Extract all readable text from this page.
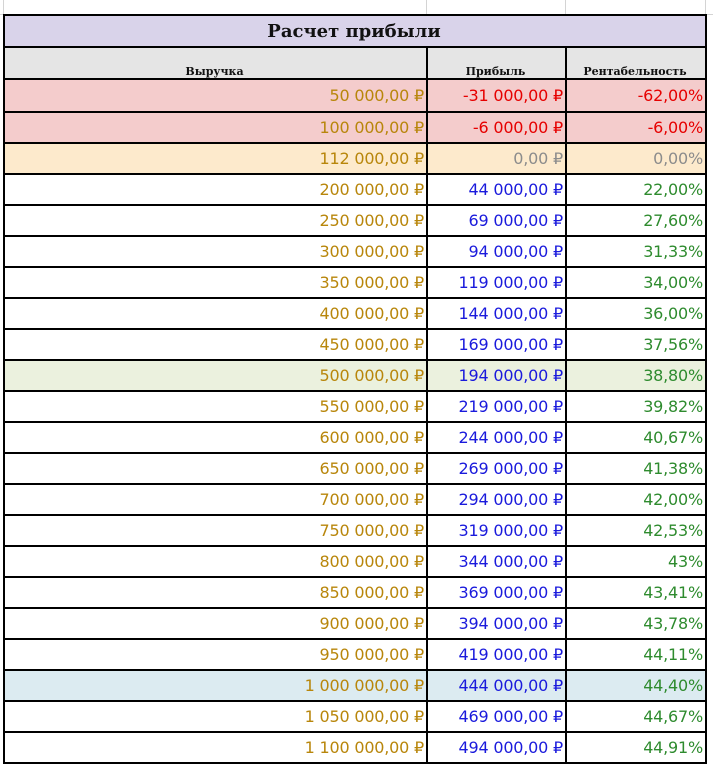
Расчет прибыли		
Выручка	Прибыль	Рентабельность
50 000,00 ₽	-31 000,00 ₽	-62,00%
100 000,00 ₽	-6 000,00 ₽	-6,00%
112 000,00 ₽	0,00 ₽	0,00%
200 000,00 ₽	44 000,00 ₽	22,00%
250 000,00 ₽	69 000,00 ₽	27,60%
300 000,00 ₽	94 000,00 ₽	31,33%
350 000,00 ₽	119 000,00 ₽	34,00%
400 000,00 ₽	144 000,00 ₽	36,00%
450 000,00 ₽	169 000,00 ₽	37,56%
500 000,00 ₽	194 000,00 ₽	38,80%
550 000,00 ₽	219 000,00 ₽	39,82%
600 000,00 ₽	244 000,00 ₽	40,67%
650 000,00 ₽	269 000,00 ₽	41,38%
700 000,00 ₽	294 000,00 ₽	42,00%
750 000,00 ₽	319 000,00 ₽	42,53%
800 000,00 ₽	344 000,00 ₽	43%
850 000,00 ₽	369 000,00 ₽	43,41%
900 000,00 ₽	394 000,00 ₽	43,78%
950 000,00 ₽	419 000,00 ₽	44,11%
1 000 000,00 ₽	444 000,00 ₽	44,40%
1 050 000,00 ₽	469 000,00 ₽	44,67%
1 100 000,00 ₽	494 000,00 ₽	44,91%
